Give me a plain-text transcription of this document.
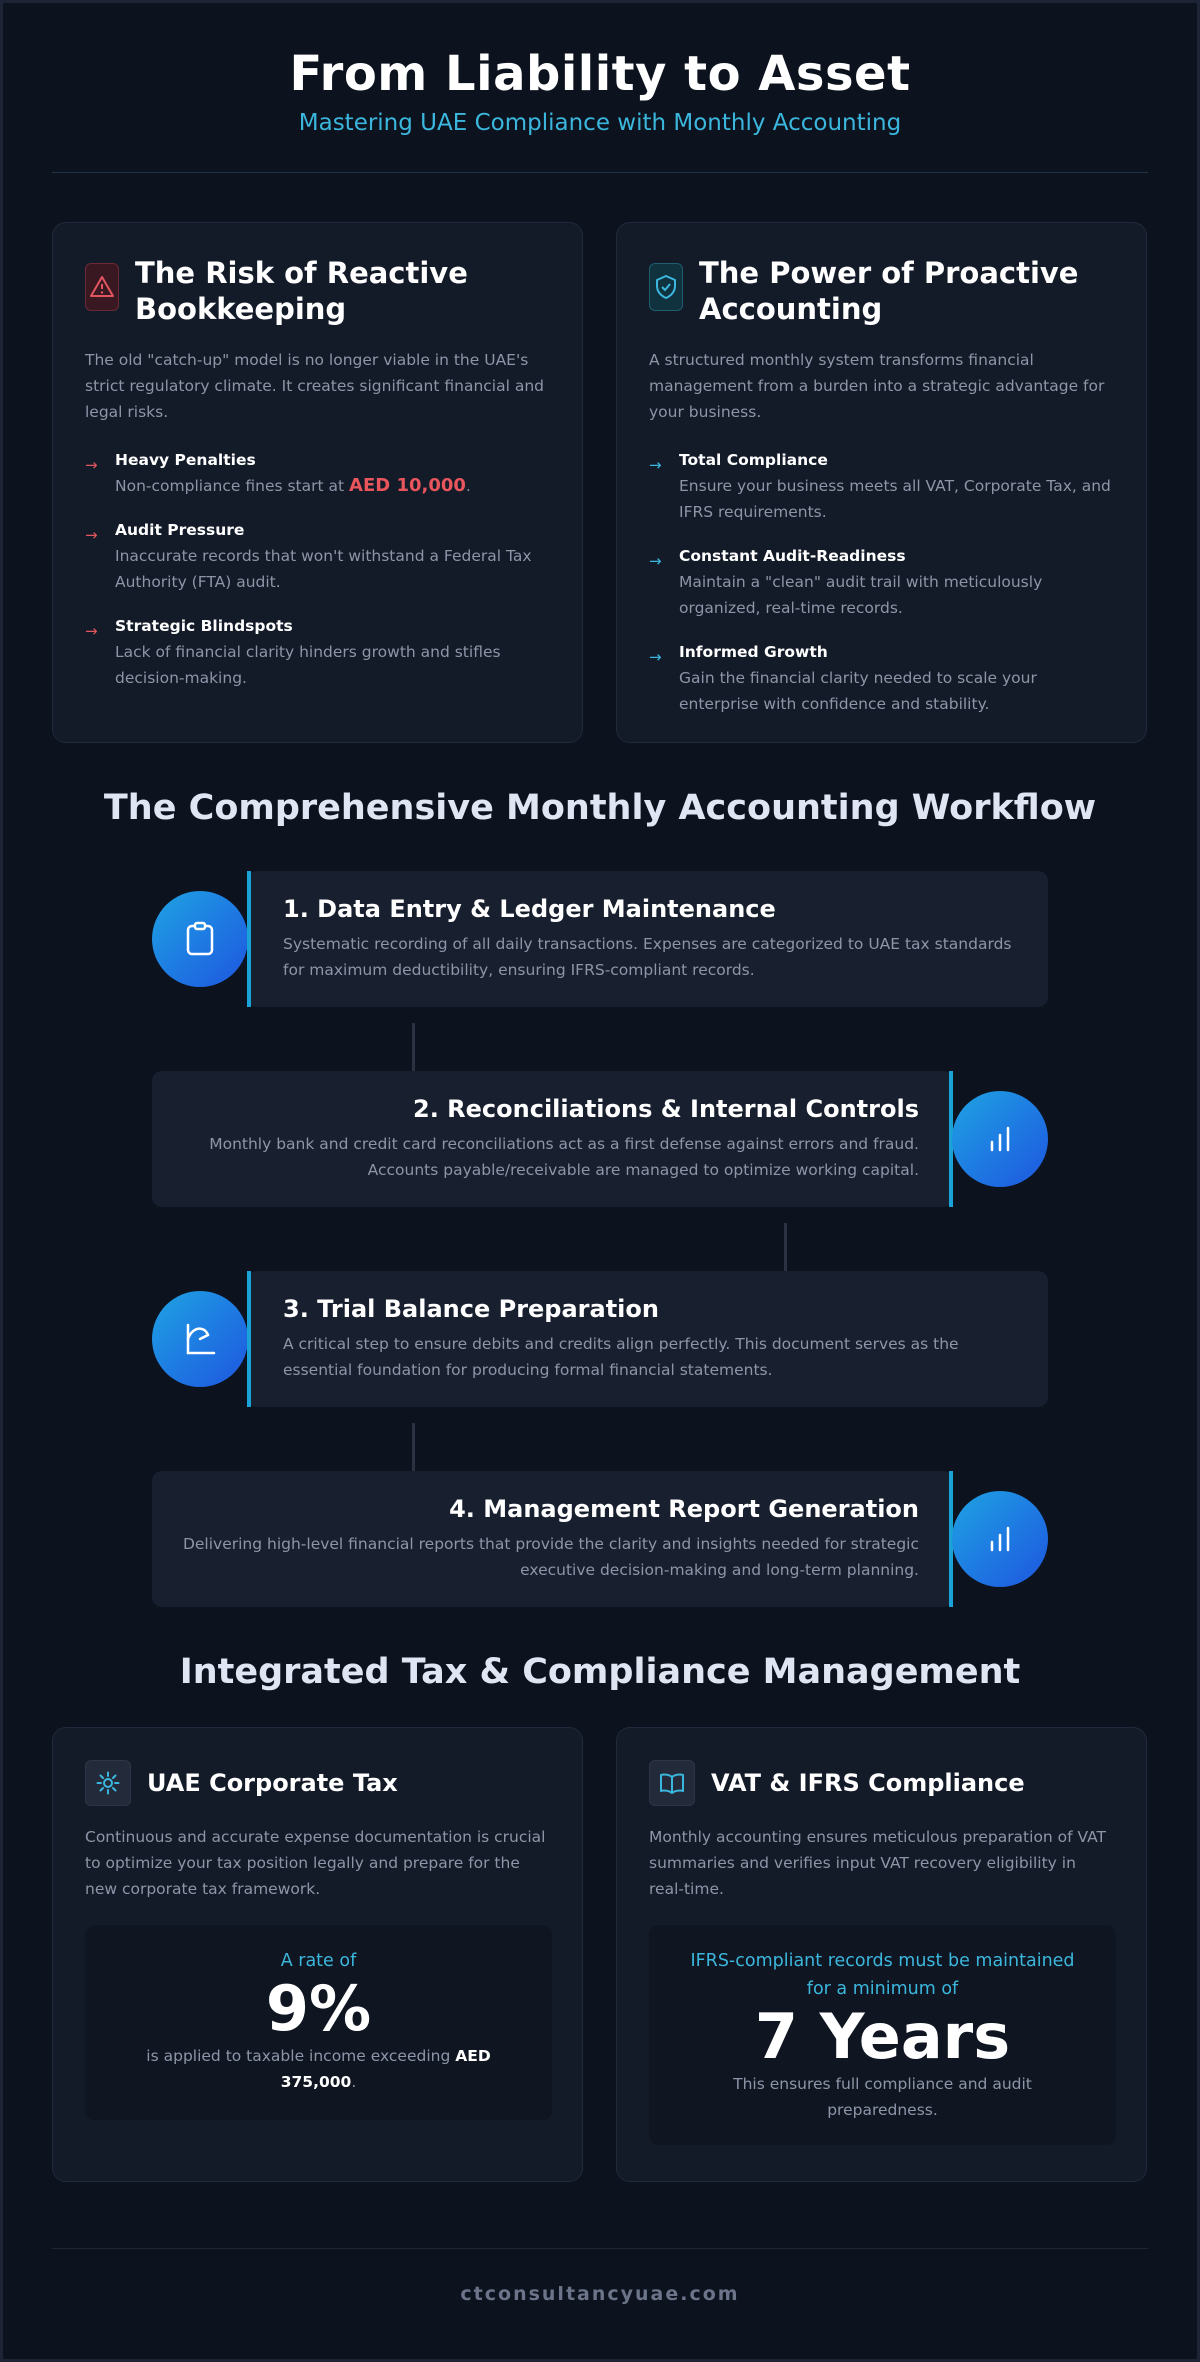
From Liability to Asset
Mastering UAE Compliance with Monthly Accounting
The Risk of Reactive Bookkeeping

The old "catch-up" model is no longer viable in the UAE's strict regulatory climate. It creates significant financial and legal risks.

→ Heavy Penalties
Non-compliance fines start at AED 10,000.
→ Audit Pressure
Inaccurate records that won't withstand a Federal Tax Authority (FTA) audit.
→ Strategic Blindspots
Lack of financial clarity hinders growth and stifles decision-making.
The Power of Proactive Accounting

A structured monthly system transforms financial management from a burden into a strategic advantage for your business.

→ Total Compliance
Ensure your business meets all VAT, Corporate Tax, and IFRS requirements.
→ Constant Audit-Readiness
Maintain a "clean" audit trail with meticulously organized, real-time records.
→ Informed Growth
Gain the financial clarity needed to scale your enterprise with confidence and stability.
The Comprehensive Monthly Accounting Workflow
1. Data Entry & Ledger Maintenance
Systematic recording of all daily transactions. Expenses are categorized to UAE tax standards for maximum deductibility, ensuring IFRS-compliant records.
2. Reconciliations & Internal Controls
Monthly bank and credit card reconciliations act as a first defense against errors and fraud. Accounts payable/receivable are managed to optimize working capital.
3. Trial Balance Preparation
A critical step to ensure debits and credits align perfectly. This document serves as the essential foundation for producing formal financial statements.
4. Management Report Generation
Delivering high-level financial reports that provide the clarity and insights needed for strategic executive decision-making and long-term planning.
Integrated Tax & Compliance Management
UAE Corporate Tax

Continuous and accurate expense documentation is crucial to optimize your tax position legally and prepare for the new corporate tax framework.

A rate of
9%
is applied to taxable income exceeding AED 375,000.
VAT & IFRS Compliance

Monthly accounting ensures meticulous preparation of VAT summaries and verifies input VAT recovery eligibility in real-time.

IFRS-compliant records must be maintained for a minimum of
7 Years
This ensures full compliance and audit preparedness.
ctconsultancyuae.com
